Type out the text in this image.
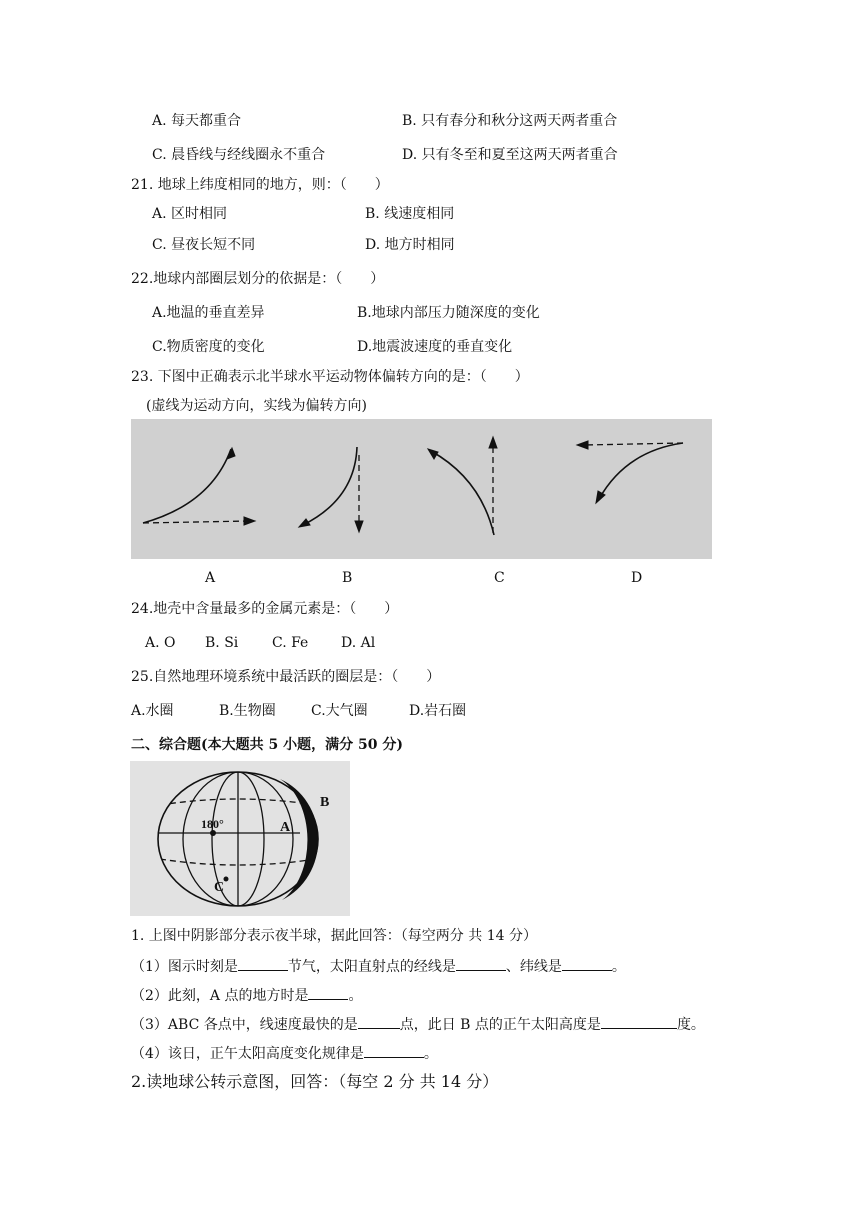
A. 每天都重合	B. 只有春分和秋分这两天两者重合
C. 晨昏线与经线圈永不重合	D. 只有冬至和夏至这两天两者重合
21. 地球上纬度相同的地方，则：（　　）
A. 区时相同	B. 线速度相同
C. 昼夜长短不同	D. 地方时相同
22.地球内部圈层划分的依据是：（　　）
A.地温的垂直差异	B.地球内部压力随深度的变化
C.物质密度的变化	D.地震波速度的垂直变化
23. 下图中正确表示北半球水平运动物体偏转方向的是：（　　）
(虚线为运动方向，实线为偏转方向)
A	B	C	D
24.地壳中含量最多的金属元素是：（　　）
A. O B. Si C. Fe D. Al
25.自然地理环境系统中最活跃的圈层是：（　　）
A.水圈	B.生物圈	C.大气圈	D.岩石圈
二、综合题(本大题共 5 小题，满分 50 分)
B
A
180°
C
1. 上图中阴影部分表示夜半球，据此回答：（每空两分 共 14 分）
（1）图示时刻是	节气，太阳直射点的经线是	、纬线是	。
（2）此刻，A 点的地方时是	。
（3）ABC 各点中，线速度最快的是	点，此日 B 点的正午太阳高度是	度。
（4）该日，正午太阳高度变化规律是	。
2.读地球公转示意图，回答：（每空 2 分 共 14 分）
